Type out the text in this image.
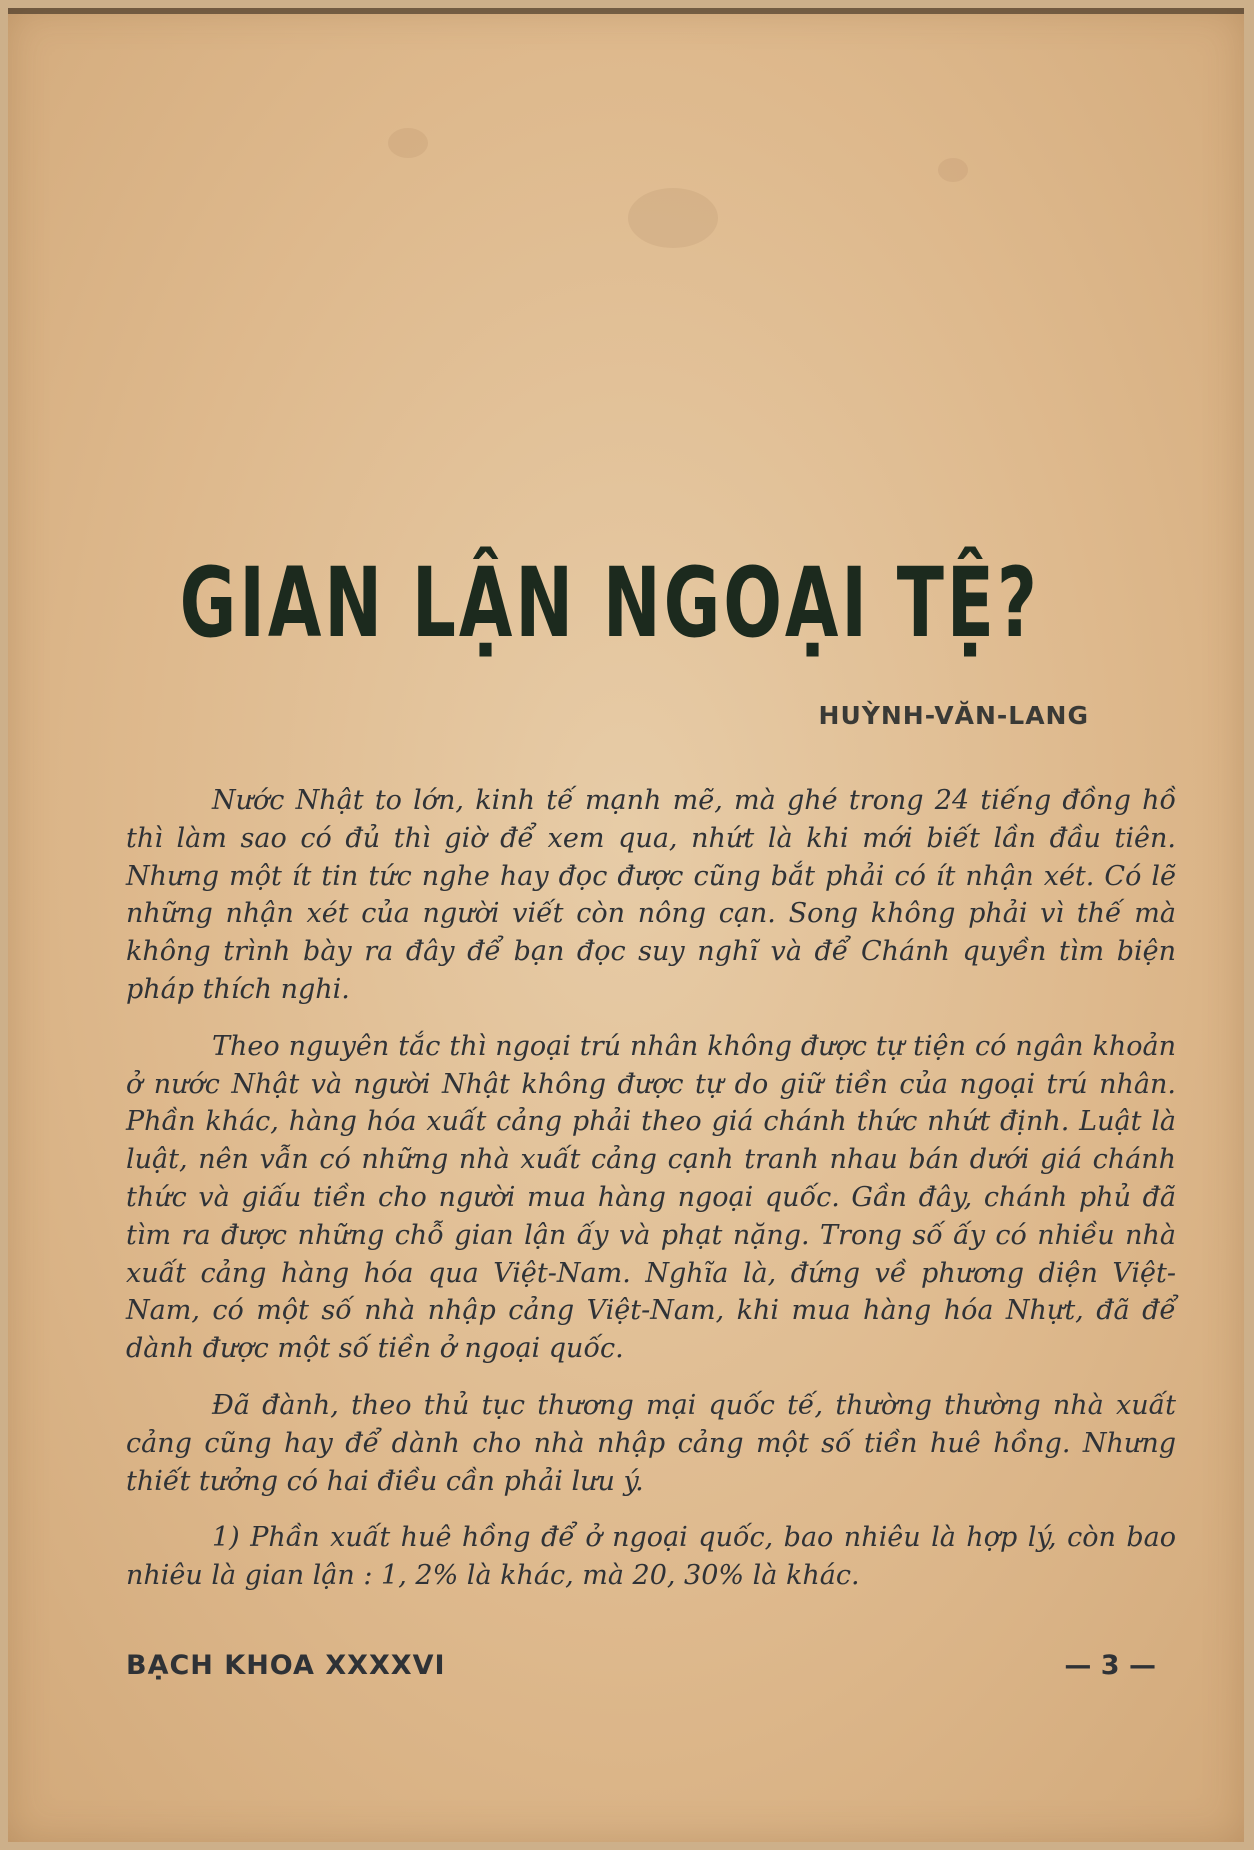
GIAN LẬN NGOẠI TỆ?

HUỲNH-VĂN-LANG

Nước Nhật to lớn, kinh tế mạnh mẽ, mà ghé trong 24 tiếng đồng hồ thì làm sao có đủ thì giờ để xem qua, nhứt là khi mới biết lần đầu tiên. Nhưng một ít tin tức nghe hay đọc được cũng bắt phải có ít nhận xét. Có lẽ những nhận xét của người viết còn nông cạn. Song không phải vì thế mà không trình bày ra đây để bạn đọc suy nghĩ và để Chánh quyền tìm biện pháp thích nghi.

Theo nguyên tắc thì ngoại trú nhân không được tự tiện có ngân khoản ở nước Nhật và người Nhật không được tự do giữ tiền của ngoại trú nhân. Phần khác, hàng hóa xuất cảng phải theo giá chánh thức nhứt định. Luật là luật, nên vẫn có những nhà xuất cảng cạnh tranh nhau bán dưới giá chánh thức và giấu tiền cho người mua hàng ngoại quốc. Gần đây, chánh phủ đã tìm ra được những chỗ gian lận ấy và phạt nặng. Trong số ấy có nhiều nhà xuất cảng hàng hóa qua Việt-Nam. Nghĩa là, đứng về phương diện Việt-Nam, có một số nhà nhập cảng Việt-Nam, khi mua hàng hóa Nhựt, đã để dành được một số tiền ở ngoại quốc.

Đã đành, theo thủ tục thương mại quốc tế, thường thường nhà xuất cảng cũng hay để dành cho nhà nhập cảng một số tiền huê hồng. Nhưng thiết tưởng có hai điều cần phải lưu ý.

1) Phần xuất huê hồng để ở ngoại quốc, bao nhiêu là hợp lý, còn bao nhiêu là gian lận : 1, 2% là khác, mà 20, 30% là khác.

BẠCH KHOA XXXXVI	— 3 —
